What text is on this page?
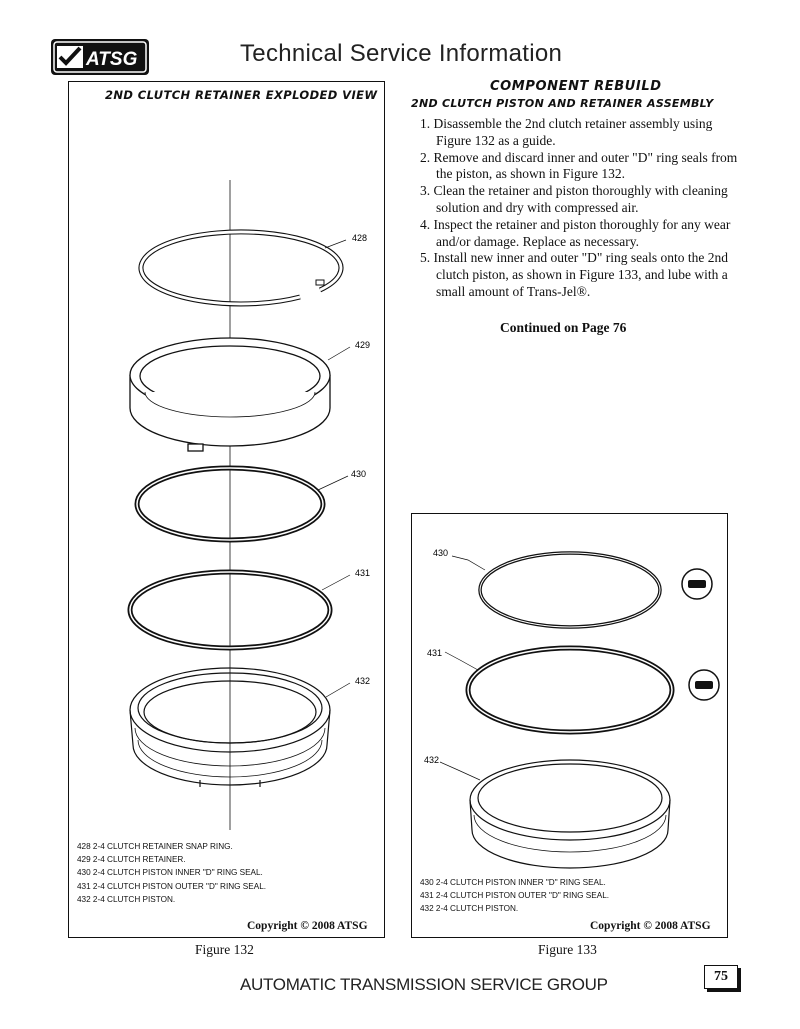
ATSG	Technical Service Information
2ND CLUTCH RETAINER EXPLODED VIEW
428
429
430
431
432
428 2-4 CLUTCH RETAINER SNAP RING.
429 2-4 CLUTCH RETAINER.
430 2-4 CLUTCH PISTON INNER "D" RING SEAL.
431 2-4 CLUTCH PISTON OUTER "D" RING SEAL.
432 2-4 CLUTCH PISTON.
Copyright © 2008 ATSG
Figure 132
COMPONENT REBUILD
2ND CLUTCH PISTON AND RETAINER ASSEMBLY
1. Disassemble the 2nd clutch retainer assembly using Figure 132 as a guide.
2. Remove and discard inner and outer "D" ring seals from the piston, as shown in Figure 132.
3. Clean the retainer and piston thoroughly with cleaning solution and dry with compressed air.
4. Inspect the retainer and piston thoroughly for any wear and/or damage. Replace as necessary.
5. Install new inner and outer "D" ring seals onto the 2nd clutch piston, as shown in Figure 133, and lube with a small amount of Trans-Jel®.
Continued on Page 76
430
431
432
430 2-4 CLUTCH PISTON INNER "D" RING SEAL.
431 2-4 CLUTCH PISTON OUTER "D" RING SEAL.
432 2-4 CLUTCH PISTON.
Copyright © 2008 ATSG
Figure 133
AUTOMATIC TRANSMISSION SERVICE GROUP	75
